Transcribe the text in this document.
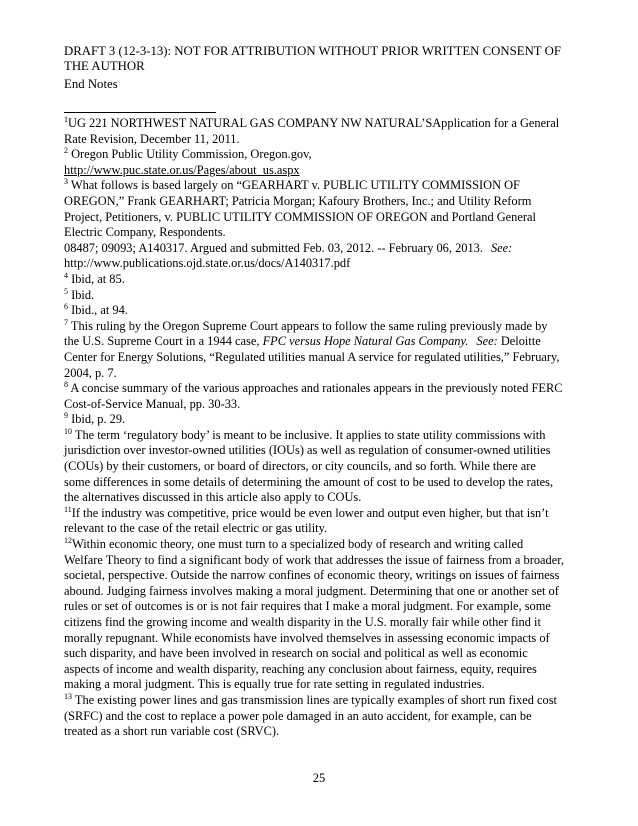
DRAFT 3 (12-3-13): NOT FOR ATTRIBUTION WITHOUT PRIOR WRITTEN CONSENT OF THE AUTHOR
End Notes
$^1$UG 221 NORTHWEST NATURAL GAS COMPANY NW NATURAL’SApplication for a General Rate Revision, December 11, 2011.
$^2$ Oregon Public Utility Commission, Oregon.gov,
http://www.puc.state.or.us/Pages/about_us.aspx
$^3$ What follows is based largely on “GEARHART v. PUBLIC UTILITY COMMISSION OF OREGON,” Frank GEARHART; Patricia Morgan; Kafoury Brothers, Inc.; and Utility Reform Project, Petitioners, v. PUBLIC UTILITY COMMISSION OF OREGON and Portland General Electric Company, Respondents.
08487; 09093; A140317. Argued and submitted Feb. 03, 2012. -- February 06, 2013. See:
http://www.publications.ojd.state.or.us/docs/A140317.pdf
$^4$ Ibid, at 85.
$^5$ Ibid.
$^6$ Ibid., at 94.
$^7$ This ruling by the Oregon Supreme Court appears to follow the same ruling previously made by the U.S. Supreme Court in a 1944 case, FPC versus Hope Natural Gas Company. See: Deloitte Center for Energy Solutions, “Regulated utilities manual A service for regulated utilities,” February, 2004, p. 7.
$^8$ A concise summary of the various approaches and rationales appears in the previously noted FERC Cost-of-Service Manual, pp. 30-33.
$^9$ Ibid, p. 29.
$^{10}$ The term ‘regulatory body’ is meant to be inclusive. It applies to state utility commissions with jurisdiction over investor-owned utilities (IOUs) as well as regulation of consumer-owned utilities (COUs) by their customers, or board of directors, or city councils, and so forth. While there are some differences in some details of determining the amount of cost to be used to develop the rates, the alternatives discussed in this article also apply to COUs.
$^{11}$If the industry was competitive, price would be even lower and output even higher, but that isn’t relevant to the case of the retail electric or gas utility.
$^{12}$Within economic theory, one must turn to a specialized body of research and writing called Welfare Theory to find a significant body of work that addresses the issue of fairness from a broader, societal, perspective. Outside the narrow confines of economic theory, writings on issues of fairness abound. Judging fairness involves making a moral judgment. Determining that one or another set of rules or set of outcomes is or is not fair requires that I make a moral judgment. For example, some citizens find the growing income and wealth disparity in the U.S. morally fair while other find it morally repugnant. While economists have involved themselves in assessing economic impacts of such disparity, and have been involved in research on social and political as well as economic aspects of income and wealth disparity, reaching any conclusion about fairness, equity, requires making a moral judgment. This is equally true for rate setting in regulated industries.
$^{13}$ The existing power lines and gas transmission lines are typically examples of short run fixed cost (SRFC) and the cost to replace a power pole damaged in an auto accident, for example, can be treated as a short run variable cost (SRVC).
25
